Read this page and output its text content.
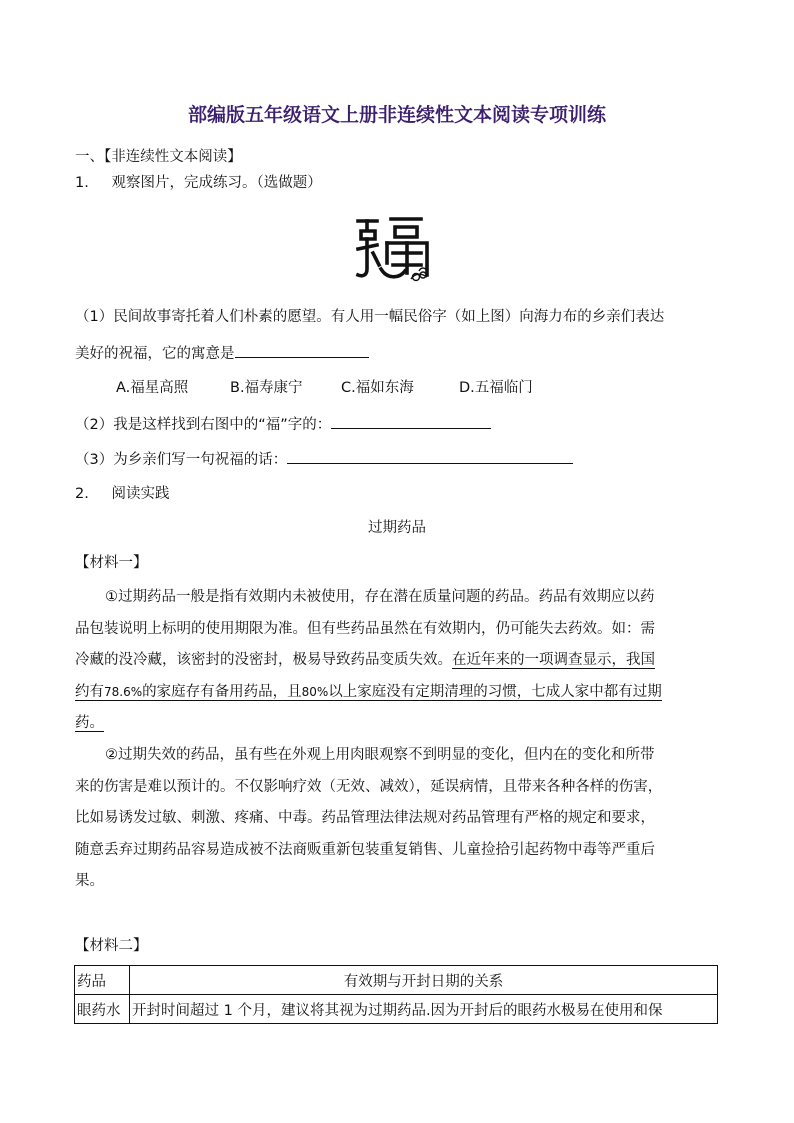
部编版五年级语文上册非连续性文本阅读专项训练
一、【非连续性文本阅读】
1. 观察图片，完成练习。（选做题）
（1）民间故事寄托着人们朴素的愿望。有人用一幅民俗字（如上图）向海力布的乡亲们表达
美好的祝福，它的寓意是
A.福星高照	B.福寿康宁	C.福如东海	D.五福临门
（2）我是这样找到右图中的“福”字的：
（3）为乡亲们写一句祝福的话：
2. 阅读实践
过期药品
【材料一】
①过期药品一般是指有效期内未被使用，存在潜在质量问题的药品。药品有效期应以药
品包装说明上标明的使用期限为准。但有些药品虽然在有效期内，仍可能失去药效。如：需
冷藏的没冷藏，该密封的没密封，极易导致药品变质失效。在近年来的一项调查显示，我国
约有78.6%的家庭存有备用药品，且80%以上家庭没有定期清理的习惯，七成人家中都有过期
药。
②过期失效的药品，虽有些在外观上用肉眼观察不到明显的变化，但内在的变化和所带
来的伤害是难以预计的。不仅影响疗效（无效、减效），延误病情，且带来各种各样的伤害，
比如易诱发过敏、刺激、疼痛、中毒。药品管理法律法规对药品管理有严格的规定和要求，
随意丢弃过期药品容易造成被不法商贩重新包装重复销售、儿童捡拾引起药物中毒等严重后
果。
【材料二】
药品	有效期与开封日期的关系
眼药水	开封时间超过 1 个月，建议将其视为过期药品.因为开封后的眼药水极易在使用和保
